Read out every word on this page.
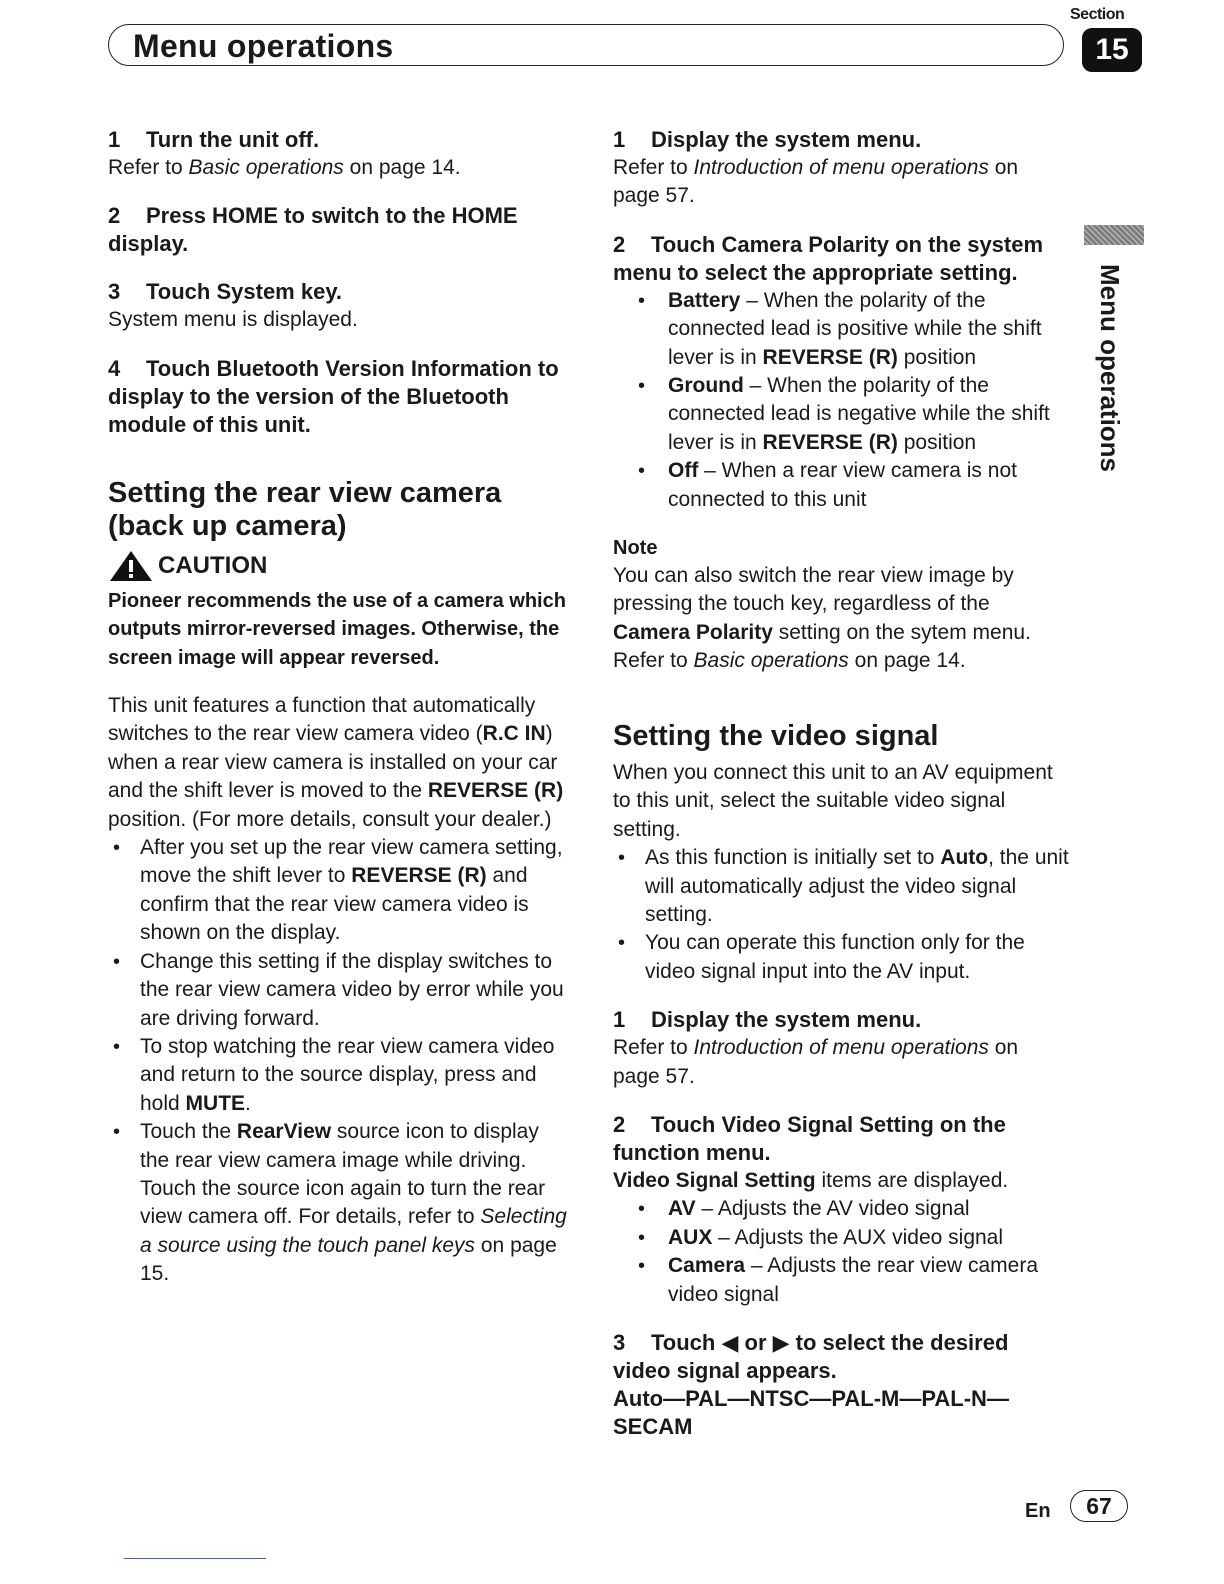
Section
Menu operations	15
Menu operations

1 Turn the unit off.

Refer to Basic operations on page 14.

2 Press HOME to switch to the HOME display.

3 Touch System key.

System menu is displayed.

4 Touch Bluetooth Version Information to display to the version of the Bluetooth module of this unit.

Setting the rear view camera (back up camera)

CAUTION

Pioneer recommends the use of a camera which outputs mirror-reversed images. Otherwise, the screen image will appear reversed.

This unit features a function that automatically switches to the rear view camera video (R.C IN) when a rear view camera is installed on your car and the shift lever is moved to the REVERSE (R) position. (For more details, consult your dealer.)

• After you set up the rear view camera setting, move the shift lever to REVERSE (R) and confirm that the rear view camera video is shown on the display.
• Change this setting if the display switches to the rear view camera video by error while you are driving forward.
• To stop watching the rear view camera video and return to the source display, press and hold MUTE.
• Touch the RearView source icon to display the rear view camera image while driving. Touch the source icon again to turn the rear view camera off. For details, refer to Selecting a source using the touch panel keys on page 15.

1 Display the system menu.

Refer to Introduction of menu operations on page 57.

2 Touch Camera Polarity on the system menu to select the appropriate setting.

• Battery – When the polarity of the connected lead is positive while the shift lever is in REVERSE (R) position
• Ground – When the polarity of the connected lead is negative while the shift lever is in REVERSE (R) position
• Off – When a rear view camera is not connected to this unit

Note

You can also switch the rear view image by pressing the touch key, regardless of the Camera Polarity setting on the sytem menu.
Refer to Basic operations on page 14.

Setting the video signal

When you connect this unit to an AV equipment to this unit, select the suitable video signal setting.

• As this function is initially set to Auto, the unit will automatically adjust the video signal setting.
• You can operate this function only for the video signal input into the AV input.

1 Display the system menu.

Refer to Introduction of menu operations on page 57.

2 Touch Video Signal Setting on the function menu.

Video Signal Setting items are displayed.

• AV – Adjusts the AV video signal
• AUX – Adjusts the AUX video signal
• Camera – Adjusts the rear view camera video signal

3 Touch ◀ or ▶ to select the desired video signal appears.

Auto—PAL—NTSC—PAL-M—PAL-N—SECAM

En	67
